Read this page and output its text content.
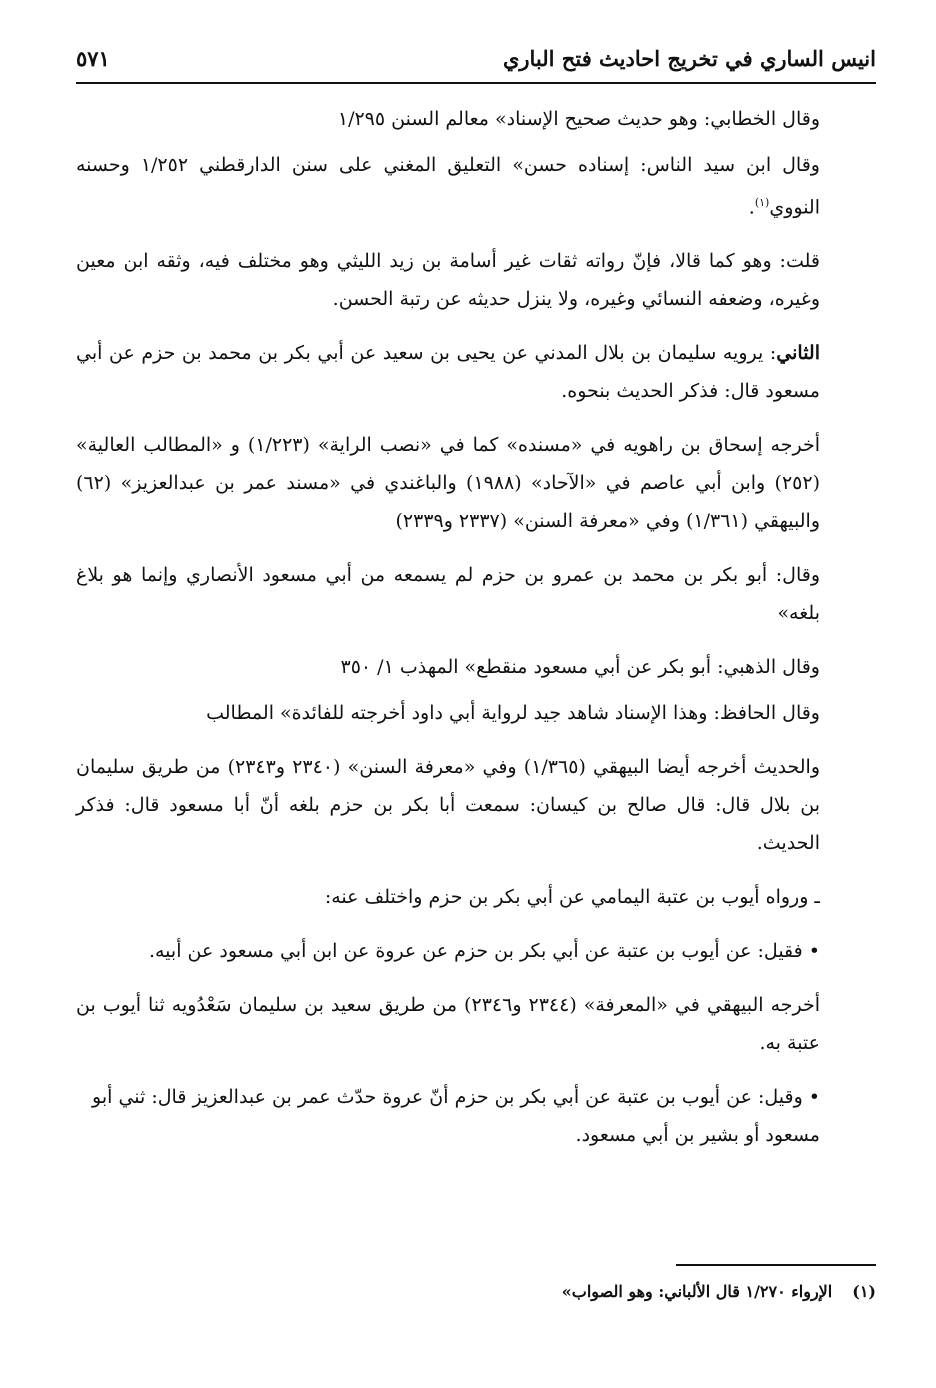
انيس الساري في تخريج احاديث فتح الباري
٥٧١

وقال الخطابي: وهو حديث صحيح الإسناد» معالم السنن ١/٢٩٥

وقال ابن سيد الناس: إسناده حسن» التعليق المغني على سنن الدارقطني ١/٢٥٢ وحسنه النووي$^{(١)}$.

قلت: وهو كما قالا، فإنّ رواته ثقات غير أسامة بن زيد الليثي وهو مختلف فيه، وثقه ابن معين وغيره، وضعفه النسائي وغيره، ولا ينزل حديثه عن رتبة الحسن.

الثاني: يرويه سليمان بن بلال المدني عن يحيى بن سعيد عن أبي بكر بن محمد بن حزم عن أبي مسعود قال: فذكر الحديث بنحوه.

أخرجه إسحاق بن راهويه في «مسنده» كما في «نصب الراية» (١/٢٢٣) و «المطالب العالية» (٢٥٢) وابن أبي عاصم في «الآحاد» (١٩٨٨) والباغندي في «مسند عمر بن عبدالعزيز» (٦٢) والبيهقي (١/٣٦١) وفي «معرفة السنن» (٢٣٣٧ و٢٣٣٩)

وقال: أبو بكر بن محمد بن عمرو بن حزم لم يسمعه من أبي مسعود الأنصاري وإنما هو بلاغ بلغه»

وقال الذهبي: أبو بكر عن أبي مسعود منقطع» المهذب ١/ ٣٥٠

وقال الحافظ: وهذا الإسناد شاهد جيد لرواية أبي داود أخرجته للفائدة» المطالب

والحديث أخرجه أيضا البيهقي (١/٣٦٥) وفي «معرفة السنن» (٢٣٤٠ و٢٣٤٣) من طريق سليمان بن بلال قال: قال صالح بن كيسان: سمعت أبا بكر بن حزم بلغه أنّ أبا مسعود قال: فذكر الحديث.

ـ ورواه أيوب بن عتبة اليمامي عن أبي بكر بن حزم واختلف عنه:

• فقيل: عن أيوب بن عتبة عن أبي بكر بن حزم عن عروة عن ابن أبي مسعود عن أبيه.

أخرجه البيهقي في «المعرفة» (٢٣٤٤ و٢٣٤٦) من طريق سعيد بن سليمان سَعْدُويه ثنا أيوب بن عتبة به.

• وقيل: عن أيوب بن عتبة عن أبي بكر بن حزم أنّ عروة حدّث عمر بن عبدالعزيز قال: ثني أبو مسعود أو بشير بن أبي مسعود.

(١)الإرواء ١/٢٧٠ قال الألباني: وهو الصواب»
